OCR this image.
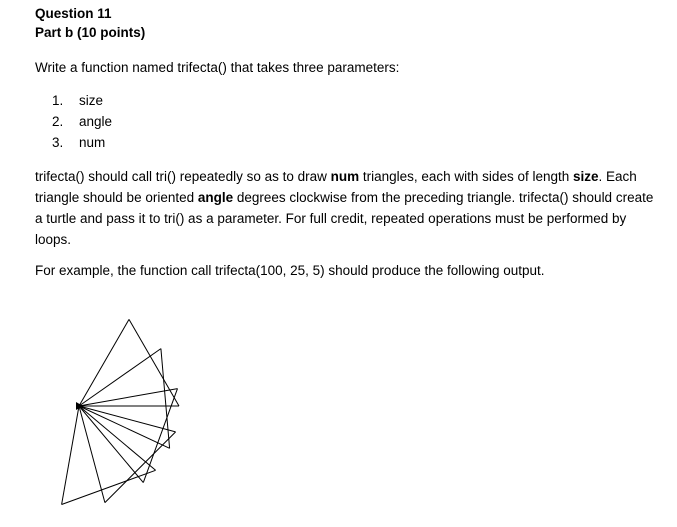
Question 11
Part b (10 points)
Write a function named trifecta() that takes three parameters:
1. size
2. angle
3. num
trifecta() should call tri() repeatedly so as to draw num triangles, each with sides of length size. Each triangle should be oriented angle degrees clockwise from the preceding triangle. trifecta() should create a turtle and pass it to tri() as a parameter. For full credit, repeated operations must be performed by loops.
For example, the function call trifecta(100, 25, 5) should produce the following output.
